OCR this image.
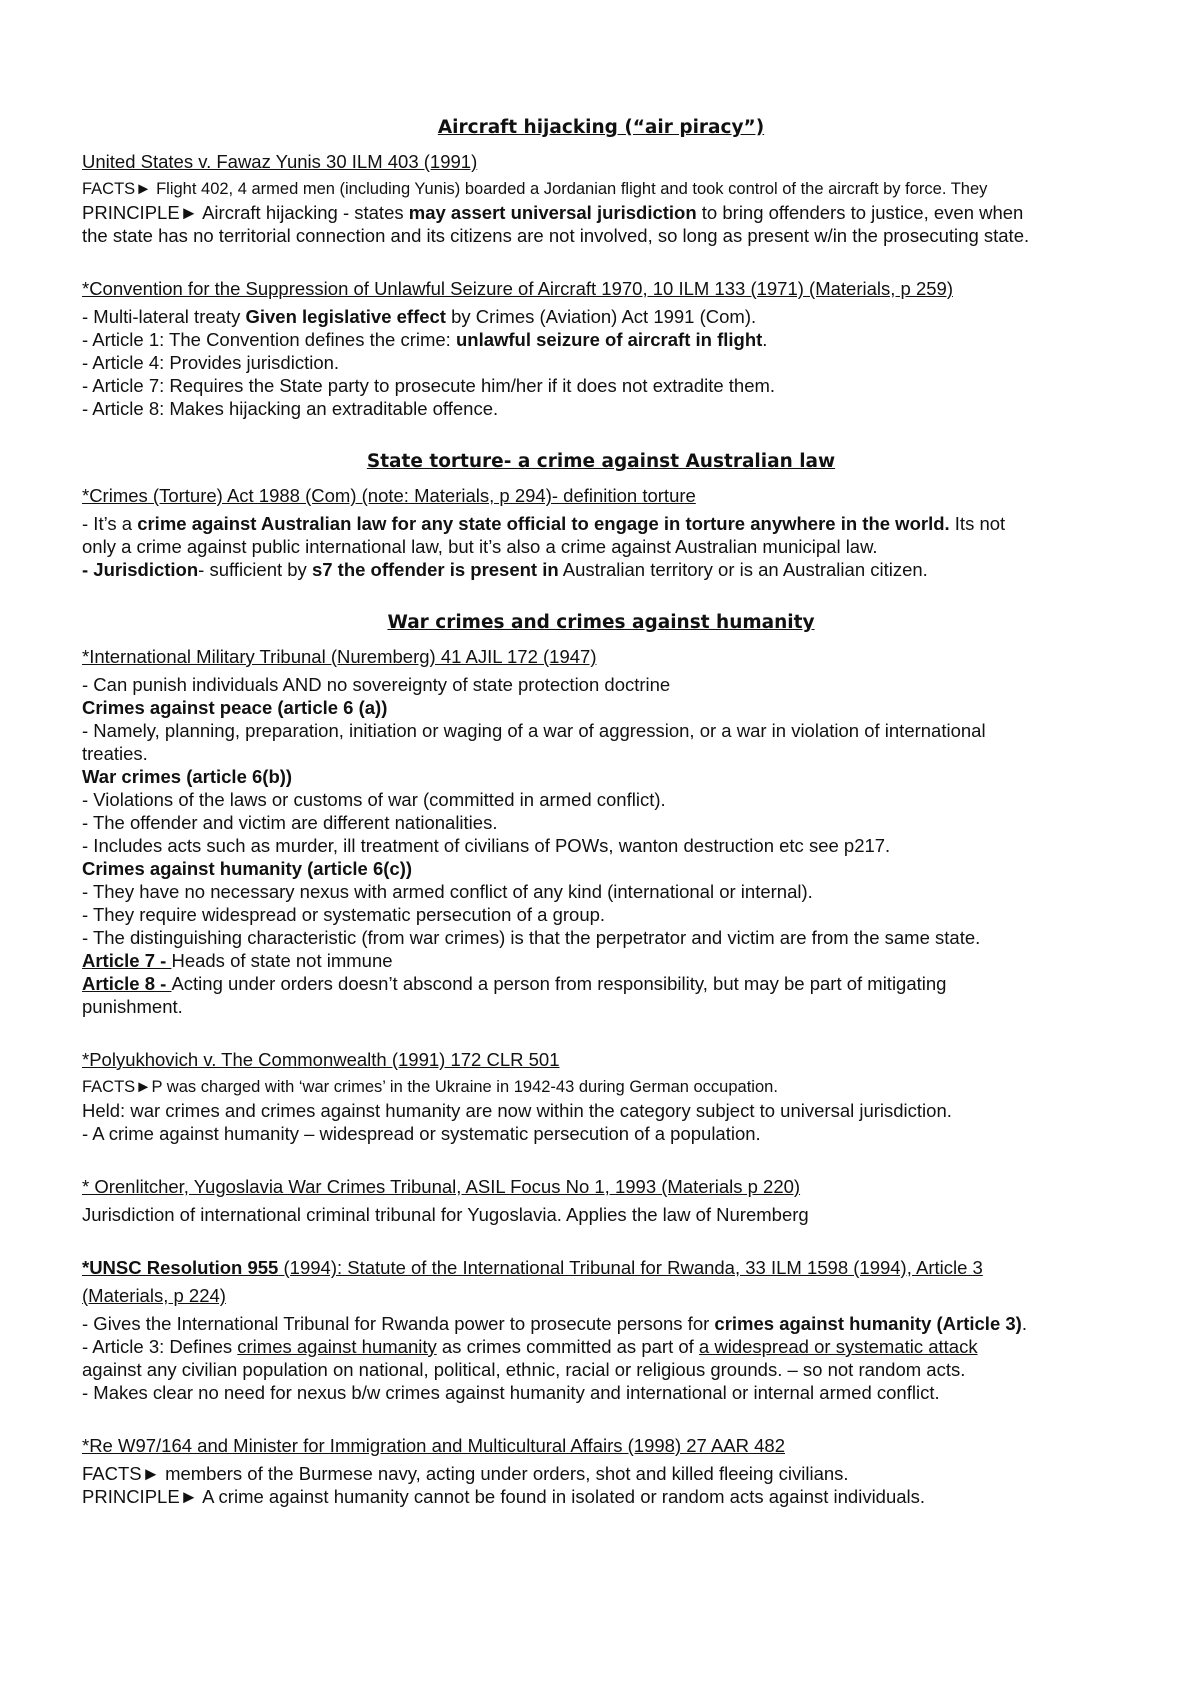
Aircraft hijacking (“air piracy”)
United States v. Fawaz Yunis 30 ILM 403 (1991)
FACTS► Flight 402, 4 armed men (including Yunis) boarded a Jordanian flight and took control of the aircraft by force. They
PRINCIPLE► Aircraft hijacking - states may assert universal jurisdiction to bring offenders to justice, even when
the state has no territorial connection and its citizens are not involved, so long as present w/in the prosecuting state.
*Convention for the Suppression of Unlawful Seizure of Aircraft 1970, 10 ILM 133 (1971) (Materials, p 259)
- Multi-lateral treaty Given legislative effect by Crimes (Aviation) Act 1991 (Com).
- Article 1: The Convention defines the crime: unlawful seizure of aircraft in flight.
- Article 4: Provides jurisdiction.
- Article 7: Requires the State party to prosecute him/her if it does not extradite them.
- Article 8: Makes hijacking an extraditable offence.
State torture- a crime against Australian law
*Crimes (Torture) Act 1988 (Com) (note: Materials, p 294)- definition torture
- It’s a crime against Australian law for any state official to engage in torture anywhere in the world. Its not
only a crime against public international law, but it’s also a crime against Australian municipal law.
- Jurisdiction- sufficient by s7 the offender is present in Australian territory or is an Australian citizen.
War crimes and crimes against humanity
*International Military Tribunal (Nuremberg) 41 AJIL 172 (1947)
- Can punish individuals AND no sovereignty of state protection doctrine
Crimes against peace (article 6 (a))
- Namely, planning, preparation, initiation or waging of a war of aggression, or a war in violation of international
treaties.
War crimes (article 6(b))
- Violations of the laws or customs of war (committed in armed conflict).
- The offender and victim are different nationalities.
- Includes acts such as murder, ill treatment of civilians of POWs, wanton destruction etc see p217.
Crimes against humanity (article 6(c))
- They have no necessary nexus with armed conflict of any kind (international or internal).
- They require widespread or systematic persecution of a group.
- The distinguishing characteristic (from war crimes) is that the perpetrator and victim are from the same state.
Article 7 - Heads of state not immune
Article 8 - Acting under orders doesn’t abscond a person from responsibility, but may be part of mitigating
punishment.
*Polyukhovich v. The Commonwealth (1991) 172 CLR 501
FACTS►P was charged with ‘war crimes’ in the Ukraine in 1942-43 during German occupation.
Held: war crimes and crimes against humanity are now within the category subject to universal jurisdiction.
- A crime against humanity – widespread or systematic persecution of a population.
* Orenlitcher, Yugoslavia War Crimes Tribunal, ASIL Focus No 1, 1993 (Materials p 220)
Jurisdiction of international criminal tribunal for Yugoslavia. Applies the law of Nuremberg
*UNSC Resolution 955 (1994): Statute of the International Tribunal for Rwanda, 33 ILM 1598 (1994), Article 3
(Materials, p 224)
- Gives the International Tribunal for Rwanda power to prosecute persons for crimes against humanity (Article 3).
- Article 3: Defines crimes against humanity as crimes committed as part of a widespread or systematic attack
against any civilian population on national, political, ethnic, racial or religious grounds. – so not random acts.
- Makes clear no need for nexus b/w crimes against humanity and international or internal armed conflict.
*Re W97/164 and Minister for Immigration and Multicultural Affairs (1998) 27 AAR 482
FACTS► members of the Burmese navy, acting under orders, shot and killed fleeing civilians.
PRINCIPLE► A crime against humanity cannot be found in isolated or random acts against individuals.
